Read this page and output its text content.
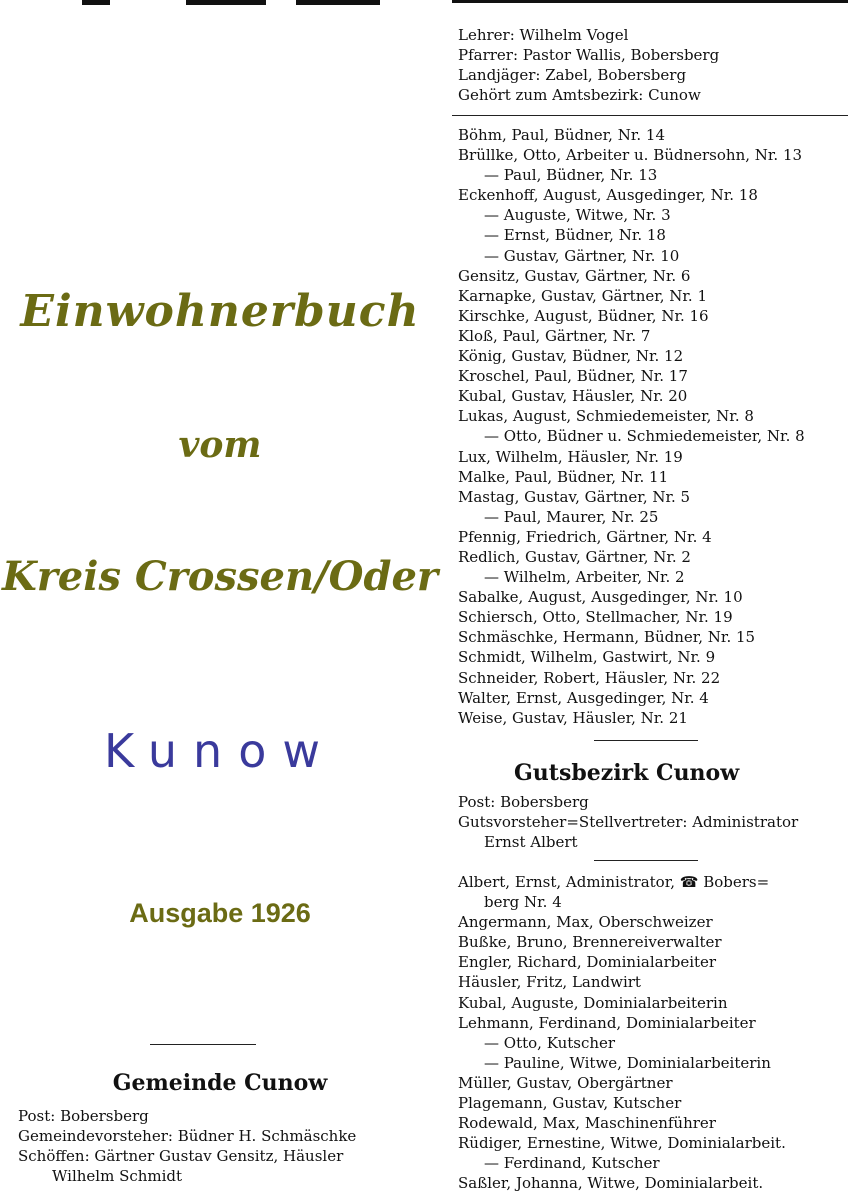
Einwohnerbuch
vom
Kreis Crossen/Oder
Kunow
Ausgabe 1926
Gemeinde Cunow
Post: Bobersberg
Gemeindevorsteher: Büdner H. Schmäschke
Schöffen: Gärtner Gustav Gensitz, Häusler
Wilhelm Schmidt
Lehrer: Wilhelm Vogel
Pfarrer: Pastor Wallis, Bobersberg
Landjäger: Zabel, Bobersberg
Gehört zum Amtsbezirk: Cunow
Böhm, Paul, Büdner, Nr. 14
Brüllke, Otto, Arbeiter u. Büdnersohn, Nr. 13
— Paul, Büdner, Nr. 13
Eckenhoff, August, Ausgedinger, Nr. 18
— Auguste, Witwe, Nr. 3
— Ernst, Büdner, Nr. 18
— Gustav, Gärtner, Nr. 10
Gensitz, Gustav, Gärtner, Nr. 6
Karnapke, Gustav, Gärtner, Nr. 1
Kirschke, August, Büdner, Nr. 16
Kloß, Paul, Gärtner, Nr. 7
König, Gustav, Büdner, Nr. 12
Kroschel, Paul, Büdner, Nr. 17
Kubal, Gustav, Häusler, Nr. 20
Lukas, August, Schmiedemeister, Nr. 8
— Otto, Büdner u. Schmiedemeister, Nr. 8
Lux, Wilhelm, Häusler, Nr. 19
Malke, Paul, Büdner, Nr. 11
Mastag, Gustav, Gärtner, Nr. 5
— Paul, Maurer, Nr. 25
Pfennig, Friedrich, Gärtner, Nr. 4
Redlich, Gustav, Gärtner, Nr. 2
— Wilhelm, Arbeiter, Nr. 2
Sabalke, August, Ausgedinger, Nr. 10
Schiersch, Otto, Stellmacher, Nr. 19
Schmäschke, Hermann, Büdner, Nr. 15
Schmidt, Wilhelm, Gastwirt, Nr. 9
Schneider, Robert, Häusler, Nr. 22
Walter, Ernst, Ausgedinger, Nr. 4
Weise, Gustav, Häusler, Nr. 21
Gutsbezirk Cunow
Post: Bobersberg
Gutsvorsteher=Stellvertreter: Administrator
Ernst Albert
Albert, Ernst, Administrator, ☎ Bobers=
berg Nr. 4
Angermann, Max, Oberschweizer
Bußke, Bruno, Brennereiverwalter
Engler, Richard, Dominialarbeiter
Häusler, Fritz, Landwirt
Kubal, Auguste, Dominialarbeiterin
Lehmann, Ferdinand, Dominialarbeiter
— Otto, Kutscher
— Pauline, Witwe, Dominialarbeiterin
Müller, Gustav, Obergärtner
Plagemann, Gustav, Kutscher
Rodewald, Max, Maschinenführer
Rüdiger, Ernestine, Witwe, Dominialarbeit.
— Ferdinand, Kutscher
Saßler, Johanna, Witwe, Dominialarbeit.
